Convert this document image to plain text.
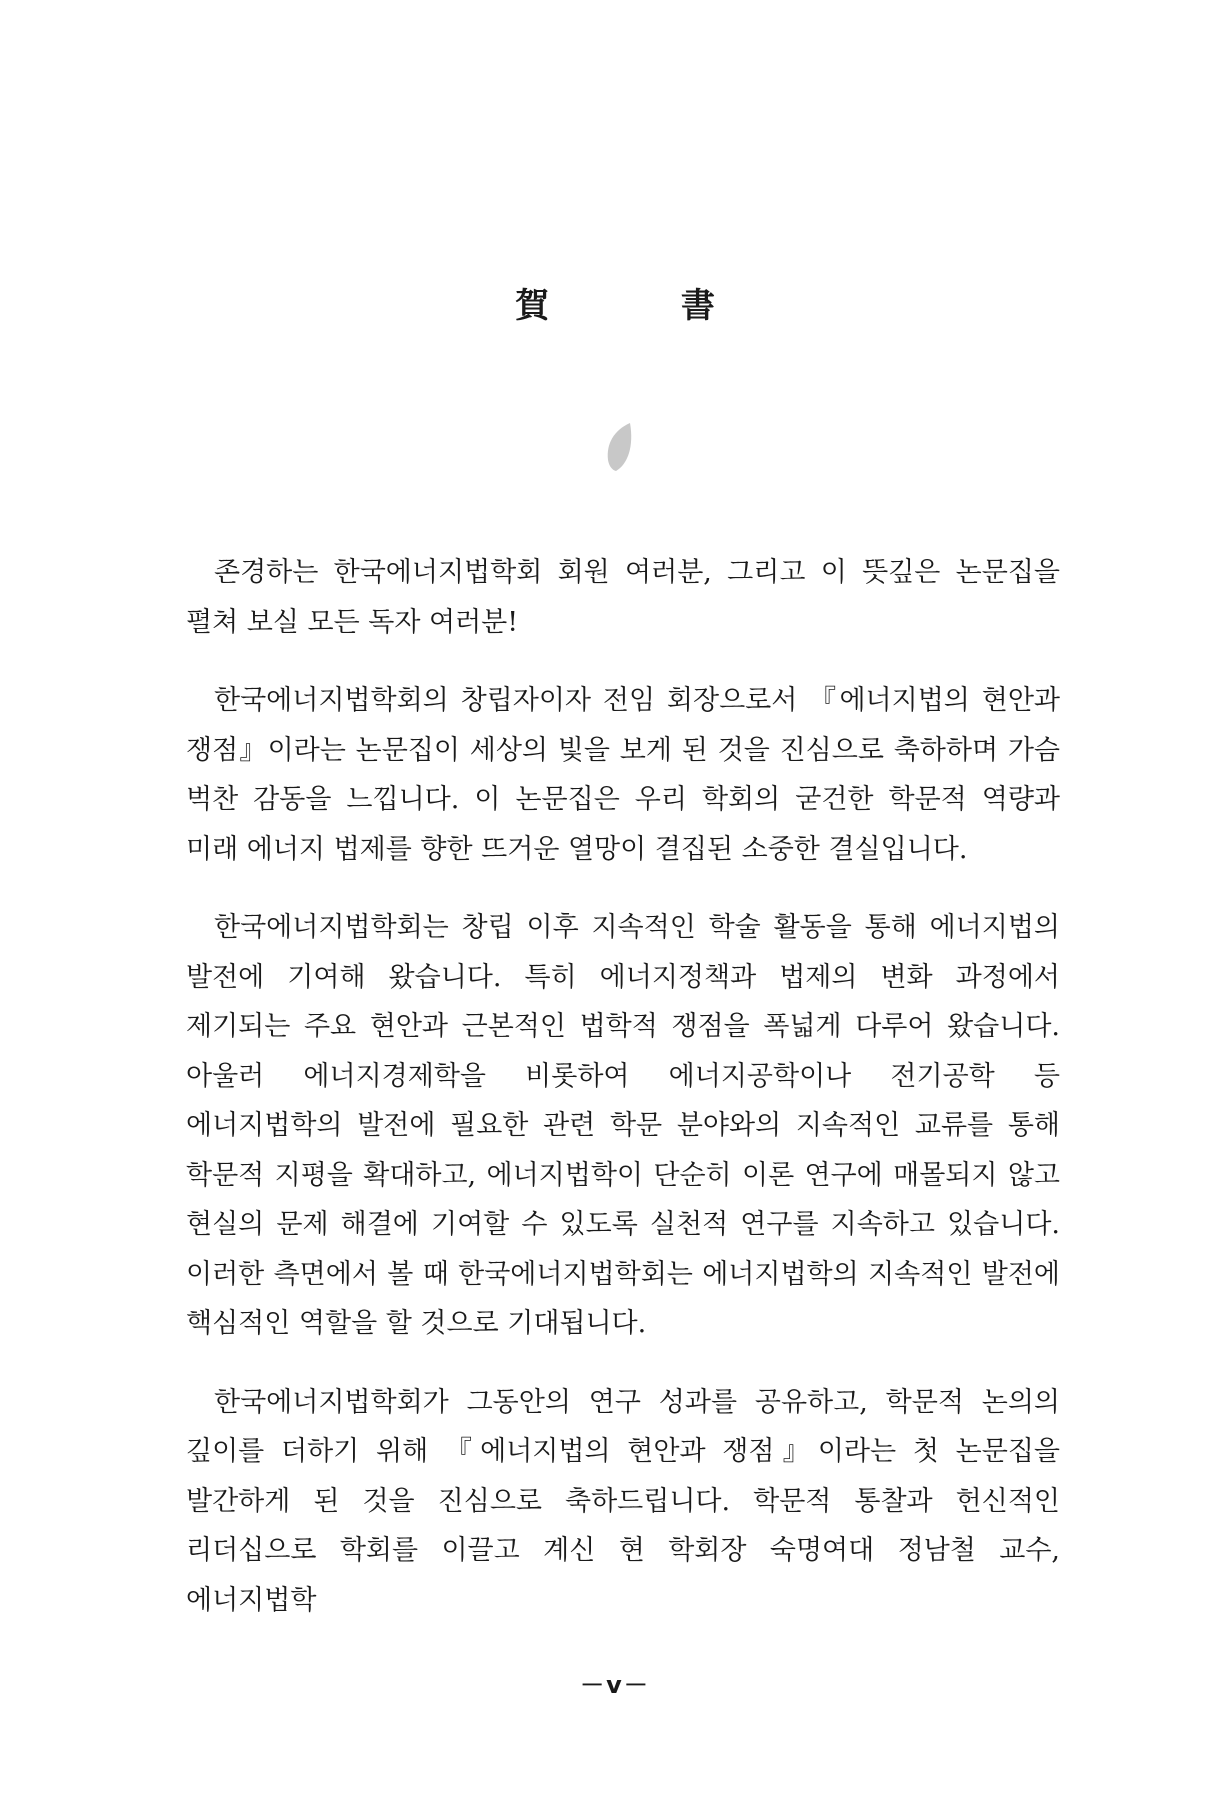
賀 書

존경하는 한국에너지법학회 회원 여러분, 그리고 이 뜻깊은 논문집을 펼쳐 보실 모든 독자 여러분!

한국에너지법학회의 창립자이자 전임 회장으로서 『에너지법의 현안과 쟁점』이라는 논문집이 세상의 빛을 보게 된 것을 진심으로 축하하며 가슴 벅찬 감동을 느낍니다. 이 논문집은 우리 학회의 굳건한 학문적 역량과 미래 에너지 법제를 향한 뜨거운 열망이 결집된 소중한 결실입니다.

한국에너지법학회는 창립 이후 지속적인 학술 활동을 통해 에너지법의 발전에 기여해 왔습니다. 특히 에너지정책과 법제의 변화 과정에서 제기되는 주요 현안과 근본적인 법학적 쟁점을 폭넓게 다루어 왔습니다. 아울러 에너지경제학을 비롯하여 에너지공학이나 전기공학 등 에너지법학의 발전에 필요한 관련 학문 분야와의 지속적인 교류를 통해 학문적 지평을 확대하고, 에너지법학이 단순히 이론 연구에 매몰되지 않고 현실의 문제 해결에 기여할 수 있도록 실천적 연구를 지속하고 있습니다. 이러한 측면에서 볼 때 한국에너지법학회는 에너지법학의 지속적인 발전에 핵심적인 역할을 할 것으로 기대됩니다.

한국에너지법학회가 그동안의 연구 성과를 공유하고, 학문적 논의의 깊이를 더하기 위해 『에너지법의 현안과 쟁점』이라는 첫 논문집을 발간하게 된 것을 진심으로 축하드립니다. 학문적 통찰과 헌신적인 리더십으로 학회를 이끌고 계신 현 학회장 숙명여대 정남철 교수, 에너지법학

－ⅴ－
